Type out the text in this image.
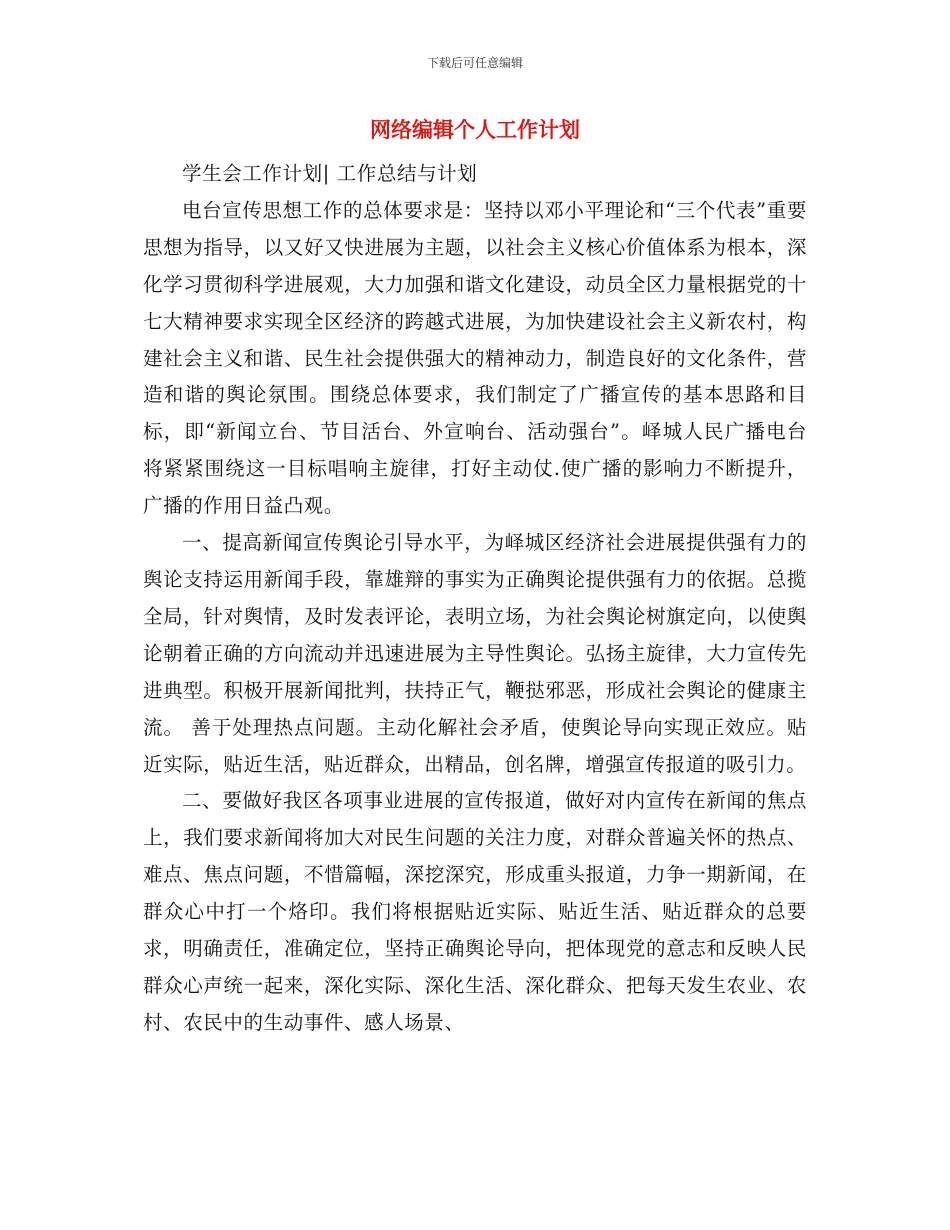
下载后可任意编辑
网络编辑个人工作计划

学生会工作计划| 工作总结与计划

电台宣传思想工作的总体要求是：坚持以邓小平理论和“三个代表”重要思想为指导，以又好又快进展为主题，以社会主义核心价值体系为根本，深化学习贯彻科学进展观，大力加强和谐文化建设，动员全区力量根据党的十七大精神要求实现全区经济的跨越式进展，为加快建设社会主义新农村，构建社会主义和谐、民生社会提供强大的精神动力，制造良好的文化条件，营造和谐的舆论氛围。围绕总体要求，我们制定了广播宣传的基本思路和目标，即“新闻立台、节目活台、外宣响台、活动强台”。峄城人民广播电台将紧紧围绕这一目标唱响主旋律，打好主动仗.使广播的影响力不断提升，广播的作用日益凸观。

一、提高新闻宣传舆论引导水平，为峄城区经济社会进展提供强有力的舆论支持运用新闻手段，靠雄辩的事实为正确舆论提供强有力的依据。总揽全局，针对舆情，及时发表评论，表明立场，为社会舆论树旗定向，以使舆论朝着正确的方向流动并迅速进展为主导性舆论。弘扬主旋律，大力宣传先进典型。积极开展新闻批判，扶持正气，鞭挞邪恶，形成社会舆论的健康主流。 善于处理热点问题。主动化解社会矛盾，使舆论导向实现正效应。贴近实际，贴近生活，贴近群众，出精品，创名牌，增强宣传报道的吸引力。

二、要做好我区各项事业进展的宣传报道，做好对内宣传在新闻的焦点上，我们要求新闻将加大对民生问题的关注力度，对群众普遍关怀的热点、难点、焦点问题，不惜篇幅，深挖深究，形成重头报道，力争一期新闻，在群众心中打一个烙印。我们将根据贴近实际、贴近生活、贴近群众的总要求，明确责任，准确定位，坚持正确舆论导向，把体现党的意志和反映人民群众心声统一起来，深化实际、深化生活、深化群众、把每天发生农业、农村、农民中的生动事件、感人场景、
